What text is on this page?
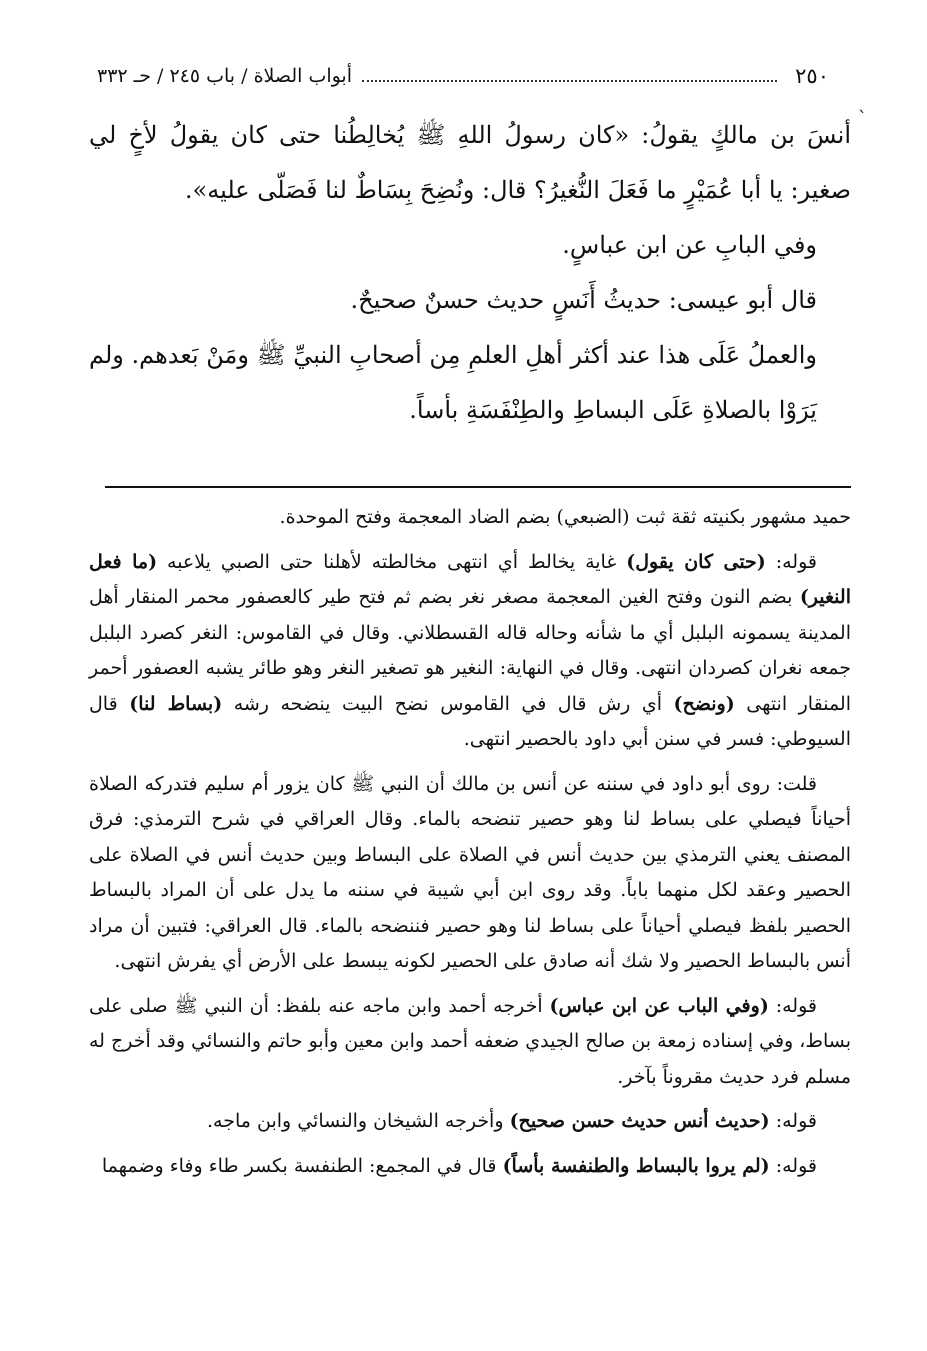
٢٥٠
أبواب الصلاة / باب ٢٤٥ / حـ ٣٣٢
ˋ

أنسَ بن مالكٍ يقولُ: «كان رسولُ اللهِ ﷺ يُخالِطُنا حتى كان يقولُ لأخٍ لي صغير: يا أبا عُمَيْرٍ ما فَعَلَ النُّغيرُ؟ قال: ونُضِحَ بِسَاطٌ لنا فَصَلّى عليه».

وفي البابِ عن ابن عباسٍ.

قال أبو عيسى: حديثُ أَنَسٍ حديث حسنٌ صحيحٌ.

والعملُ عَلَى هذا عند أكثر أهلِ العلمِ مِن أصحابِ النبيِّ ﷺ ومَنْ بَعدهم. ولم يَرَوْا بالصلاةِ عَلَى البساطِ والطِنْفَسَةِ بأساً.

حميد مشهور بكنيته ثقة ثبت (الضبعي) بضم الضاد المعجمة وفتح الموحدة.

قوله: (حتى كان يقول) غاية يخالط أي انتهى مخالطته لأهلنا حتى الصبي يلاعبه (ما فعل النغير) بضم النون وفتح الغين المعجمة مصغر نغر بضم ثم فتح طير كالعصفور محمر المنقار أهل المدينة يسمونه البلبل أي ما شأنه وحاله قاله القسطلاني. وقال في القاموس: النغر كصرد البلبل جمعه نغران كصردان انتهى. وقال في النهاية: النغير هو تصغير النغر وهو طائر يشبه العصفور أحمر المنقار انتهى (ونضح) أي رش قال في القاموس نضح البيت ينضحه رشه (بساط لنا) قال السيوطي: فسر في سنن أبي داود بالحصير انتهى.

قلت: روى أبو داود في سننه عن أنس بن مالك أن النبي ﷺ كان يزور أم سليم فتدركه الصلاة أحياناً فيصلي على بساط لنا وهو حصير تنضحه بالماء. وقال العراقي في شرح الترمذي: فرق المصنف يعني الترمذي بين حديث أنس في الصلاة على البساط وبين حديث أنس في الصلاة على الحصير وعقد لكل منهما باباً. وقد روى ابن أبي شيبة في سننه ما يدل على أن المراد بالبساط الحصير بلفظ فيصلي أحياناً على بساط لنا وهو حصير فننضحه بالماء. قال العراقي: فتبين أن مراد أنس بالبساط الحصير ولا شك أنه صادق على الحصير لكونه يبسط على الأرض أي يفرش انتهى.

قوله: (وفي الباب عن ابن عباس) أخرجه أحمد وابن ماجه عنه بلفظ: أن النبي ﷺ صلى على بساط، وفي إسناده زمعة بن صالح الجيدي ضعفه أحمد وابن معين وأبو حاتم والنسائي وقد أخرج له مسلم فرد حديث مقروناً بآخر.

قوله: (حديث أنس حديث حسن صحيح) وأخرجه الشيخان والنسائي وابن ماجه.

قوله: (لم يروا بالبساط والطنفسة بأساً) قال في المجمع: الطنفسة بكسر طاء وفاء وضمهما
